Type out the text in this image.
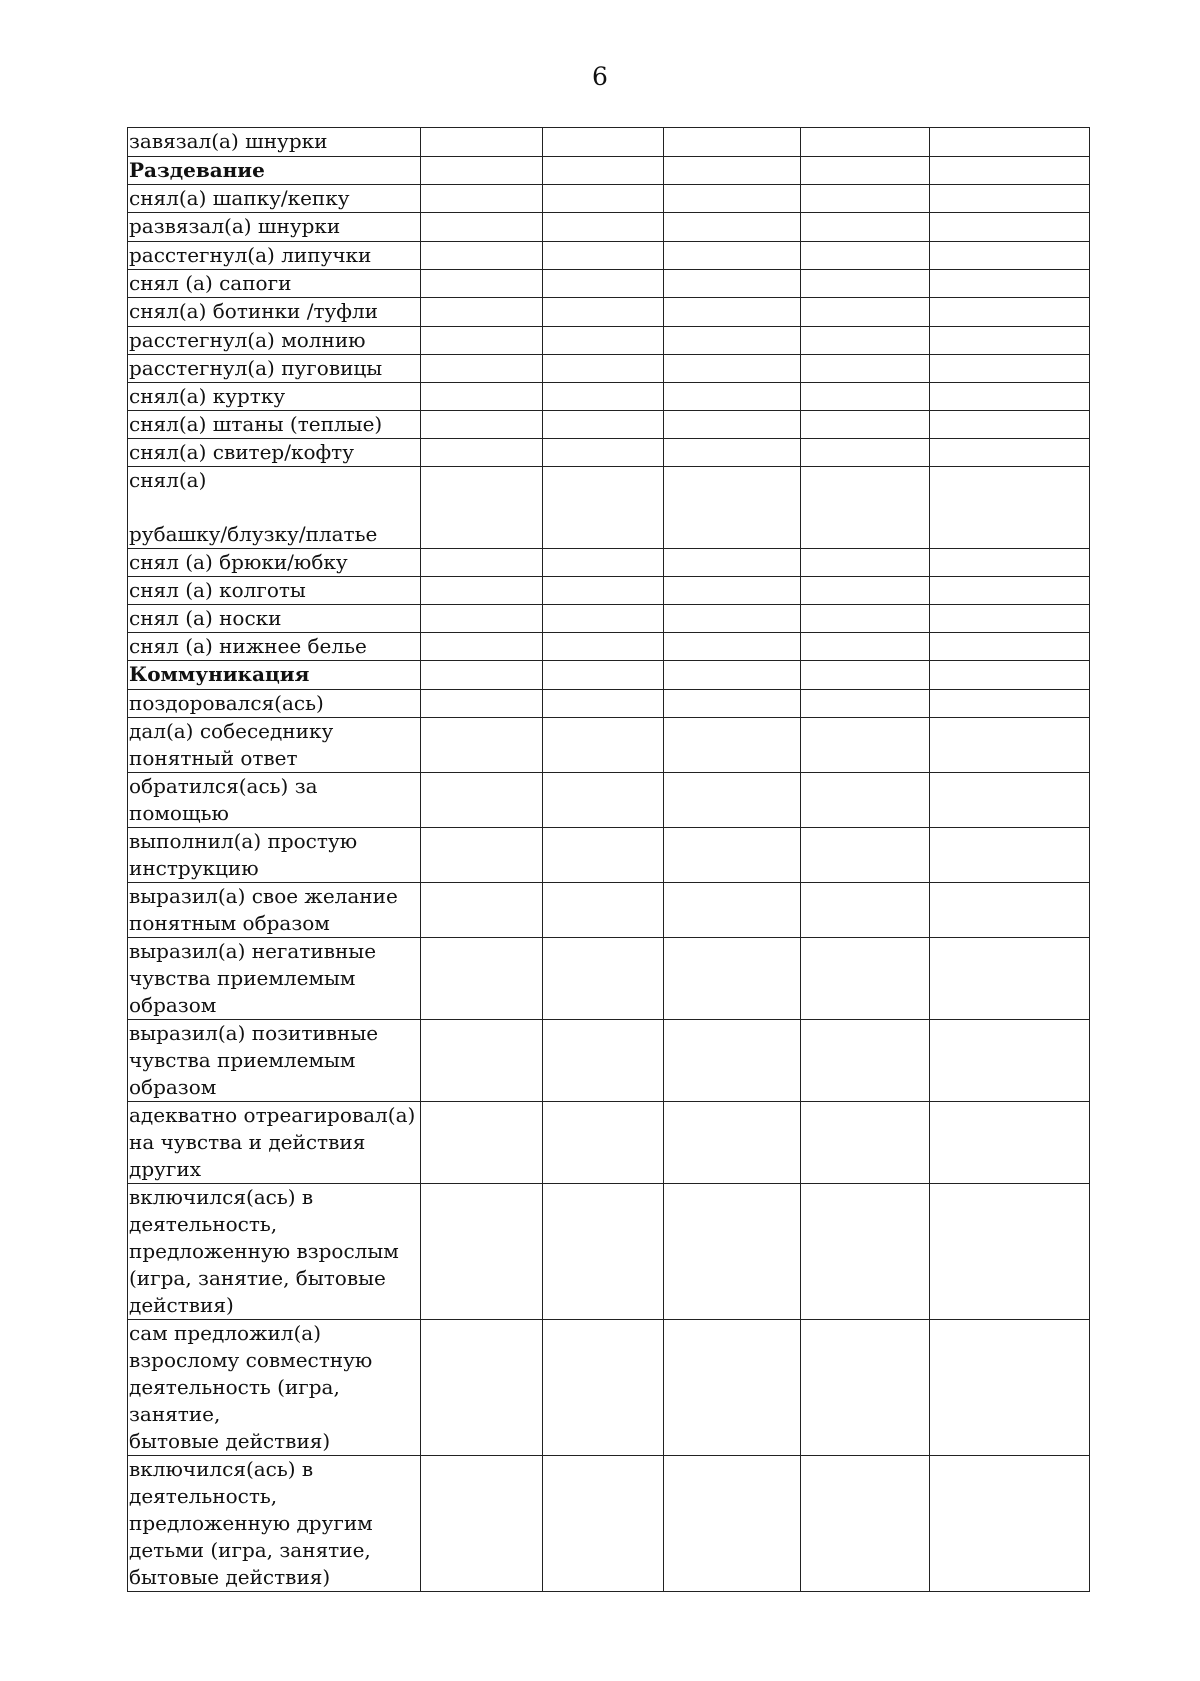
6
завязал(а) шнурки					
Раздевание					
снял(а) шапку/кепку					
развязал(а) шнурки					
расстегнул(а) липучки					
снял (а) сапоги					
снял(а) ботинки /туфли					
расстегнул(а) молнию					
расстегнул(а) пуговицы					
снял(а) куртку					
снял(а) штаны (теплые)					
снял(а) свитер/кофту					
снял(а)

рубашку/блузку/платье					
снял (а) брюки/юбку					
снял (а) колготы					
снял (а) носки					
снял (а) нижнее белье					
Коммуникация					
поздоровался(ась)					
дал(а) собеседнику
понятный ответ					
обратился(ась) за помощью					
выполнил(а) простую
инструкцию					
выразил(а) свое желание
понятным образом					
выразил(а) негативные
чувства приемлемым
образом					
выразил(а) позитивные
чувства приемлемым
образом					
адекватно отреагировал(а)
на чувства и действия
других					
включился(ась) в
деятельность,
предложенную взрослым
(игра, занятие, бытовые
действия)					
сам предложил(а)
взрослому совместную
деятельность (игра, занятие,
бытовые действия)					
включился(ась) в
деятельность,
предложенную другим
детьми (игра, занятие,
бытовые действия)					
